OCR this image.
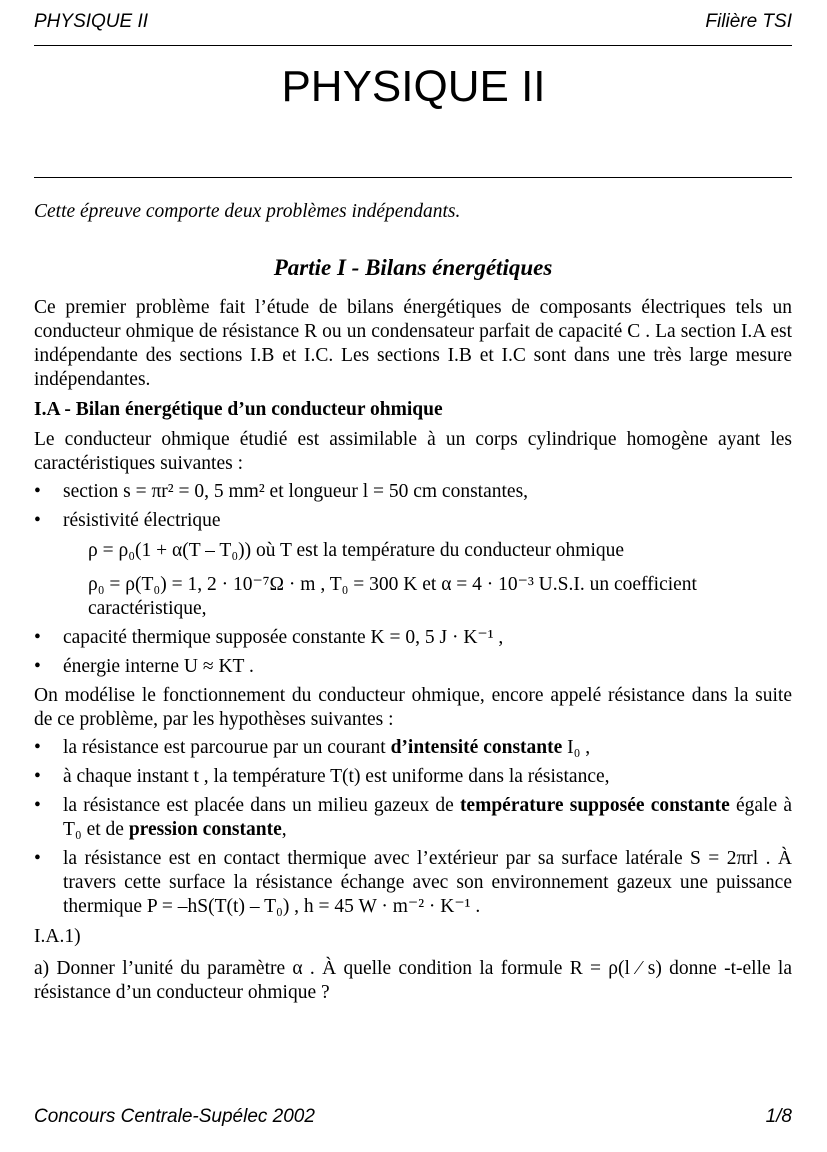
PHYSIQUE II	Filière TSI
PHYSIQUE II

Cette épreuve comporte deux problèmes indépendants.

Partie I - Bilans énergétiques

Ce premier problème fait l’étude de bilans énergétiques de composants électriques tels un conducteur ohmique de résistance R ou un condensateur parfait de capacité C . La section I.A est indépendante des sections I.B et I.C. Les sections I.B et I.C sont dans une très large mesure indépendantes.

I.A - Bilan énergétique d’un conducteur ohmique

Le conducteur ohmique étudié est assimilable à un corps cylindrique homogène ayant les caractéristiques suivantes :

• section s = πr² = 0, 5 mm² et longueur l = 50 cm constantes,
• résistivité électrique
ρ = ρ₀(1 + α(T – T₀)) où T est la température du conducteur ohmique
ρ₀ = ρ(T₀) = 1, 2 · 10⁻⁷Ω · m , T₀ = 300 K et α = 4 · 10⁻³ U.S.I. un coefficient
caractéristique,
• capacité thermique supposée constante K = 0, 5 J · K⁻¹ ,
• énergie interne U ≈ KT .

On modélise le fonctionnement du conducteur ohmique, encore appelé résistance dans la suite de ce problème, par les hypothèses suivantes :

• la résistance est parcourue par un courant d’intensité constante I₀ ,
• à chaque instant t , la température T(t) est uniforme dans la résistance,
• la résistance est placée dans un milieu gazeux de température supposée constante égale à T₀ et de pression constante,
• la résistance est en contact thermique avec l’extérieur par sa surface latérale S = 2πrl . À travers cette surface la résistance échange avec son environnement gazeux une puissance thermique P = –hS(T(t) – T₀) , h = 45 W · m⁻² · K⁻¹ .

I.A.1)

a) Donner l’unité du paramètre α . À quelle condition la formule R = ρ(l ⁄ s) donne -t-elle la résistance d’un conducteur ohmique ?

Concours Centrale-Supélec 2002	1/8
